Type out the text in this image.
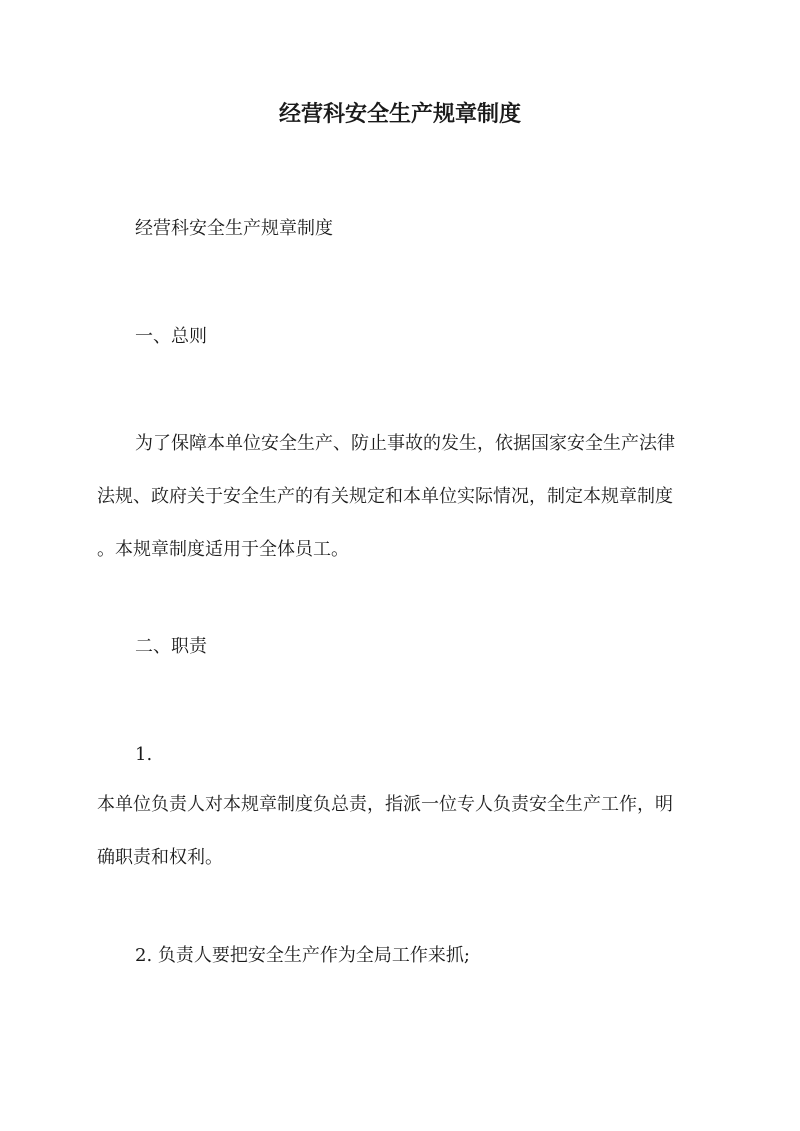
经营科安全生产规章制度

经营科安全生产规章制度

一、总则

为了保障本单位安全生产、防止事故的发生，依据国家安全生产法律

法规、政府关于安全生产的有关规定和本单位实际情况，制定本规章制度

。本规章制度适用于全体员工。

二、职责

1.

本单位负责人对本规章制度负总责，指派一位专人负责安全生产工作，明

确职责和权利。

2. 负责人要把安全生产作为全局工作来抓;
